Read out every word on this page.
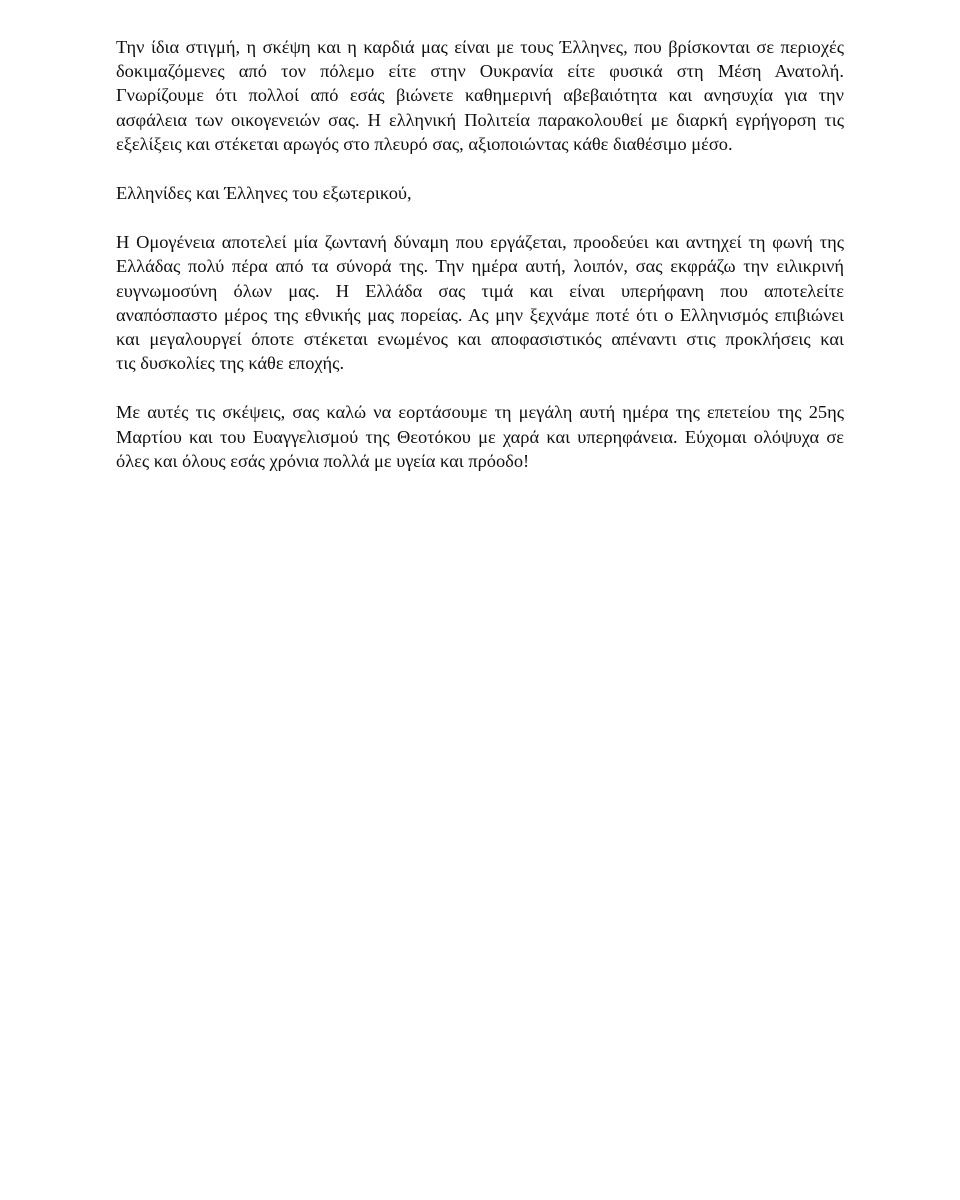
Την ίδια στιγμή, η σκέψη και η καρδιά μας είναι με τους Έλληνες, που βρίσκονται σε περιοχές
δοκιμαζόμενες από τον πόλεμο είτε στην Ουκρανία είτε φυσικά στη Μέση Ανατολή.
Γνωρίζουμε ότι πολλοί από εσάς βιώνετε καθημερινή αβεβαιότητα και ανησυχία για την
ασφάλεια των οικογενειών σας. Η ελληνική Πολιτεία παρακολουθεί με διαρκή εγρήγορση τις
εξελίξεις και στέκεται αρωγός στο πλευρό σας, αξιοποιώντας κάθε διαθέσιμο μέσο.

Ελληνίδες και Έλληνες του εξωτερικού,

Η Ομογένεια αποτελεί μία ζωντανή δύναμη που εργάζεται, προοδεύει και αντηχεί τη φωνή της
Ελλάδας πολύ πέρα από τα σύνορά της. Την ημέρα αυτή, λοιπόν, σας εκφράζω την ειλικρινή
ευγνωμοσύνη όλων μας. Η Ελλάδα σας τιμά και είναι υπερήφανη που αποτελείτε
αναπόσπαστο μέρος της εθνικής μας πορείας. Ας μην ξεχνάμε ποτέ ότι ο Ελληνισμός επιβιώνει
και μεγαλουργεί όποτε στέκεται ενωμένος και αποφασιστικός απέναντι στις προκλήσεις και
τις δυσκολίες της κάθε εποχής.

Με αυτές τις σκέψεις, σας καλώ να εορτάσουμε τη μεγάλη αυτή ημέρα της επετείου της 25ης
Μαρτίου και του Ευαγγελισμού της Θεοτόκου με χαρά και υπερηφάνεια. Εύχομαι ολόψυχα σε
όλες και όλους εσάς χρόνια πολλά με υγεία και πρόοδο!
